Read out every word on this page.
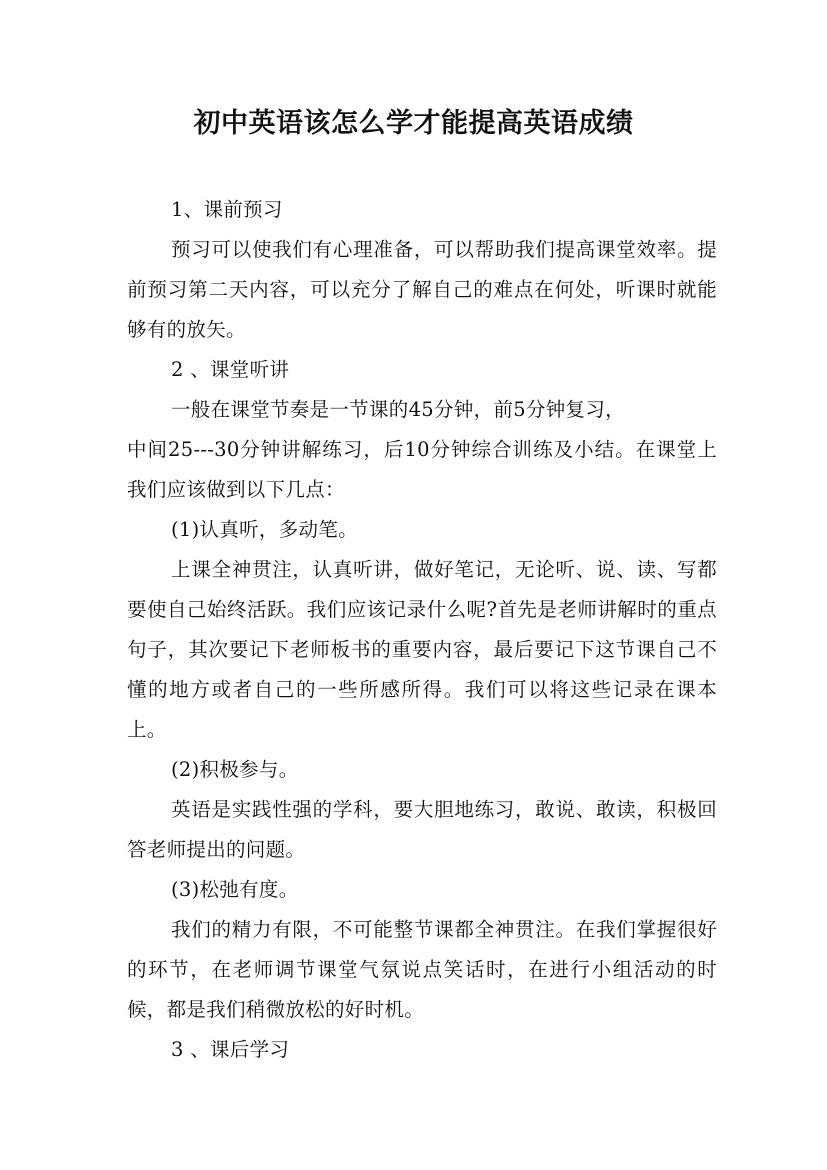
初中英语该怎么学才能提高英语成绩

1、课前预习

预习可以使我们有心理准备，可以帮助我们提高课堂效率。提前预习第二天内容，可以充分了解自己的难点在何处，听课时就能够有的放矢。

2 、课堂听讲

一般在课堂节奏是一节课的45分钟，前5分钟复习，

中间25---30分钟讲解练习，后10分钟综合训练及小结。在课堂上我们应该做到以下几点：

(1)认真听，多动笔。

上课全神贯注，认真听讲，做好笔记，无论听、说、读、写都要使自己始终活跃。我们应该记录什么呢?首先是老师讲解时的重点句子，其次要记下老师板书的重要内容，最后要记下这节课自己不懂的地方或者自己的一些所感所得。我们可以将这些记录在课本上。

(2)积极参与。

英语是实践性强的学科，要大胆地练习，敢说、敢读，积极回答老师提出的问题。

(3)松弛有度。

我们的精力有限，不可能整节课都全神贯注。在我们掌握很好的环节，在老师调节课堂气氛说点笑话时，在进行小组活动的时候，都是我们稍微放松的好时机。

3 、课后学习
